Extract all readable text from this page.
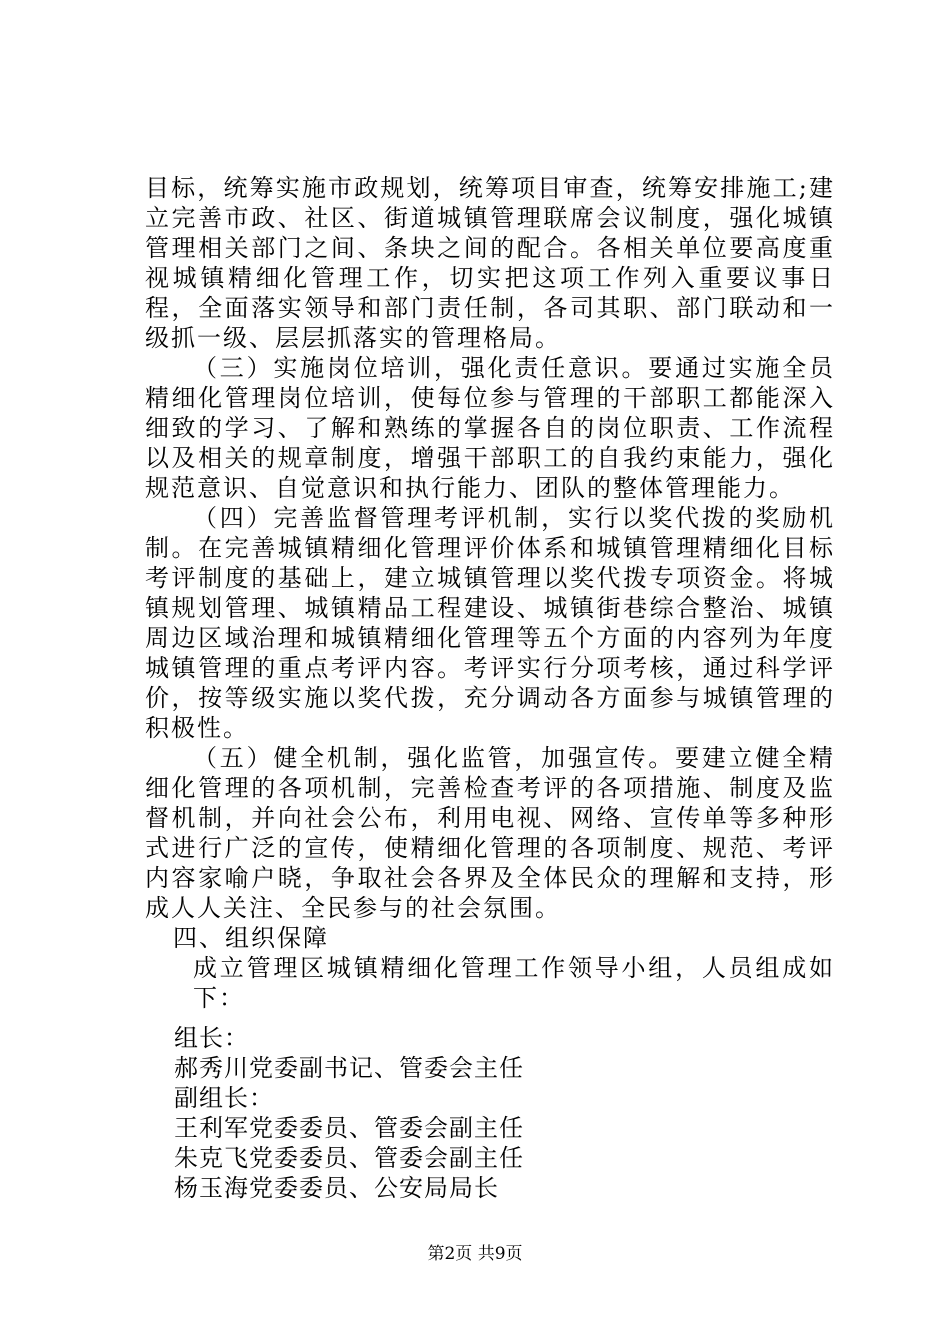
目标，统筹实施市政规划，统筹项目审查，统筹安排施工;建立完善市政、社区、街道城镇管理联席会议制度，强化城镇管理相关部门之间、条块之间的配合。各相关单位要高度重视城镇精细化管理工作，切实把这项工作列入重要议事日程，全面落实领导和部门责任制，各司其职、部门联动和一级抓一级、层层抓落实的管理格局。

（三）实施岗位培训，强化责任意识。要通过实施全员精细化管理岗位培训，使每位参与管理的干部职工都能深入细致的学习、了解和熟练的掌握各自的岗位职责、工作流程以及相关的规章制度，增强干部职工的自我约束能力，强化规范意识、自觉意识和执行能力、团队的整体管理能力。

（四）完善监督管理考评机制，实行以奖代拨的奖励机制。在完善城镇精细化管理评价体系和城镇管理精细化目标考评制度的基础上，建立城镇管理以奖代拨专项资金。将城镇规划管理、城镇精品工程建设、城镇街巷综合整治、城镇周边区域治理和城镇精细化管理等五个方面的内容列为年度城镇管理的重点考评内容。考评实行分项考核，通过科学评价，按等级实施以奖代拨，充分调动各方面参与城镇管理的积极性。

（五）健全机制，强化监管，加强宣传。要建立健全精细化管理的各项机制，完善检查考评的各项措施、制度及监督机制，并向社会公布，利用电视、网络、宣传单等多种形式进行广泛的宣传，使精细化管理的各项制度、规范、考评内容家喻户晓，争取社会各界及全体民众的理解和支持，形成人人关注、全民参与的社会氛围。

四、组织保障

成立管理区城镇精细化管理工作领导小组，人员组成如下：

组长：
郝秀川党委副书记、管委会主任
副组长：
王利军党委委员、管委会副主任
朱克飞党委委员、管委会副主任
杨玉海党委委员、公安局局长
第2页 共9页
